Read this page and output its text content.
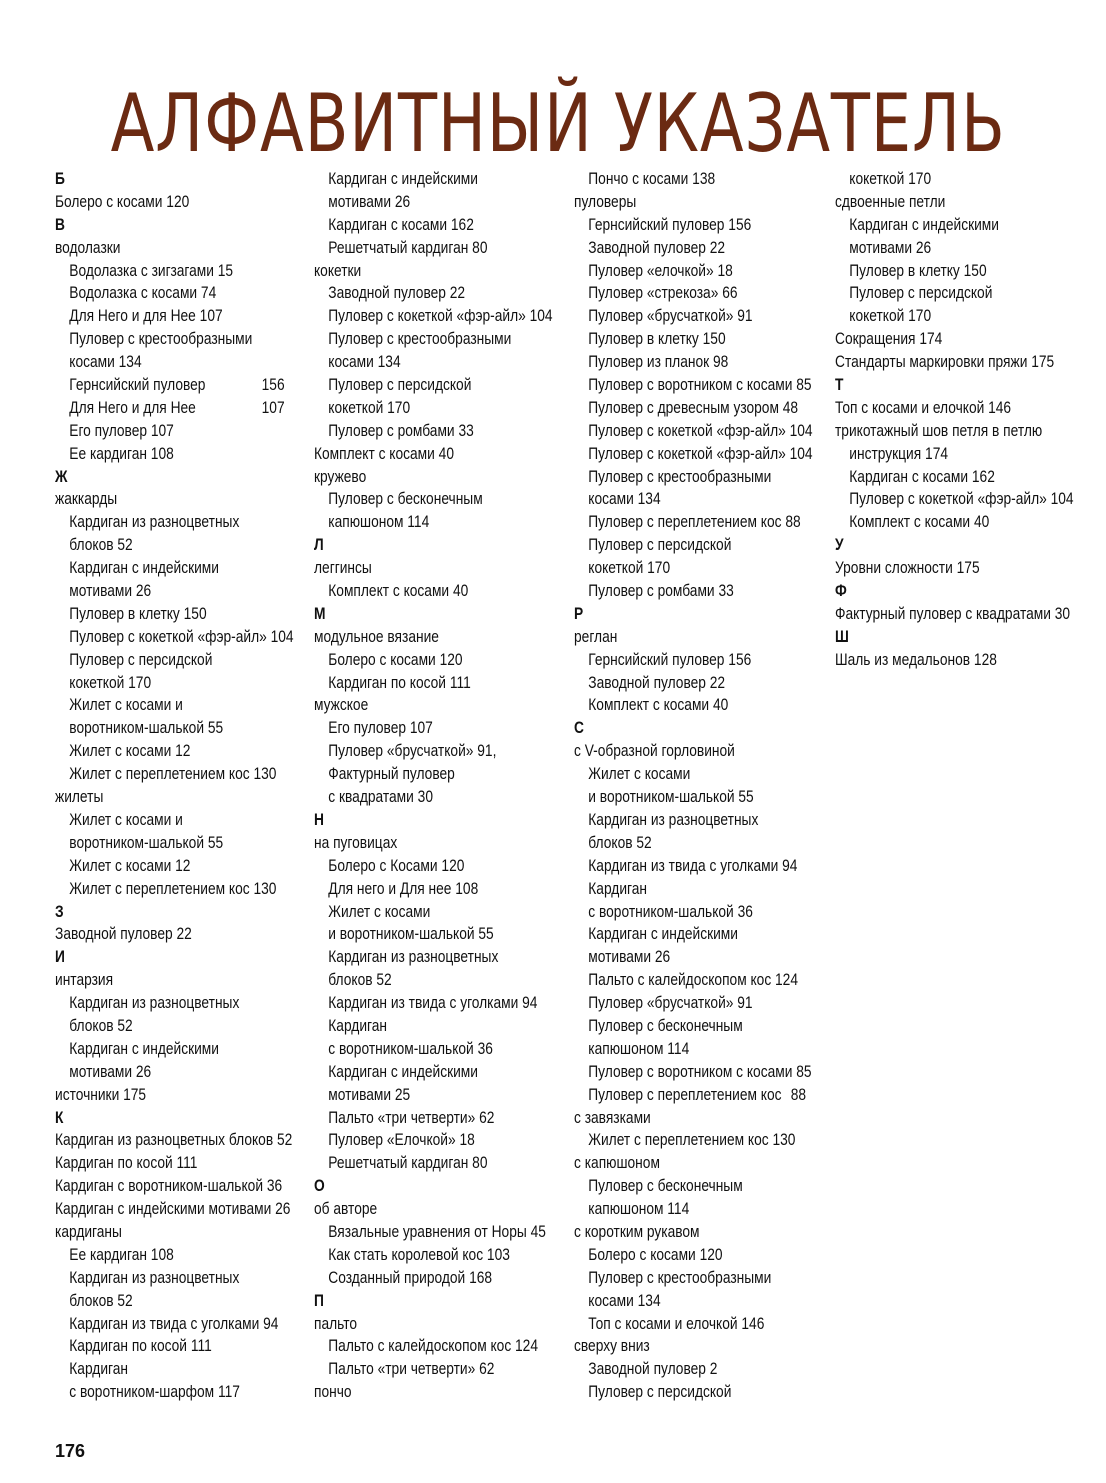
АЛФАВИТНЫЙ УКАЗАТЕЛЬ
Б
Болеро с косами 120
В
водолазки
Водолазка с зигзагами 15
Водолазка с косами 74
Для Него и для Нее 107
Пуловер с крестообразными
косами 134
Гернсийский пуловер	156
Для Него и для Нее	107
Его пуловер 107
Ее кардиган 108
Ж
жаккарды
Кардиган из разноцветных
блоков 52
Кардиган с индейскими
мотивами 26
Пуловер в клетку 150
Пуловер с кокеткой «фэр-айл» 104
Пуловер с персидской
кокеткой 170
Жилет с косами и
воротником-шалькой 55
Жилет с косами 12
Жилет с переплетением кос 130
жилеты
Жилет с косами и
воротником-шалькой 55
Жилет с косами 12
Жилет с переплетением кос 130
З
Заводной пуловер 22
И
интарзия
Кардиган из разноцветных
блоков 52
Кардиган с индейскими
мотивами 26
источники 175
К
Кардиган из разноцветных блоков 52
Кардиган по косой 111
Кардиган с воротником-шалькой 36
Кардиган с индейскими мотивами 26
кардиганы
Ее кардиган 108
Кардиган из разноцветных
блоков 52
Кардиган из твида с уголками 94
Кардиган по косой 111
Кардиган
с воротником-шарфом 117
Кардиган с индейскими
мотивами 26
Кардиган с косами 162
Решетчатый кардиган 80
кокетки
Заводной пуловер 22
Пуловер с кокеткой «фэр-айл» 104
Пуловер с крестообразными
косами 134
Пуловер с персидской
кокеткой 170
Пуловер с ромбами 33
Комплект с косами 40
кружево
Пуловер с бесконечным
капюшоном 114
Л
леггинсы
Комплект с косами 40
М
модульное вязание
Болеро с косами 120
Кардиган по косой 111
мужское
Его пуловер 107
Пуловер «брусчаткой» 91,
Фактурный пуловер
с квадратами 30
Н
на пуговицах
Болеро с Косами 120
Для него и Для нее 108
Жилет с косами
и воротником-шалькой 55
Кардиган из разноцветных
блоков 52
Кардиган из твида с уголками 94
Кардиган
с воротником-шалькой 36
Кардиган с индейскими
мотивами 25
Пальто «три четверти» 62
Пуловер «Елочкой» 18
Решетчатый кардиган 80
О
об авторе
Вязальные уравнения от Норы 45
Как стать королевой кос 103
Созданный природой 168
П
пальто
Пальто с калейдоскопом кос 124
Пальто «три четверти» 62
пончо
Пончо с косами 138
пуловеры
Гернсийский пуловер 156
Заводной пуловер 22
Пуловер «елочкой» 18
Пуловер «стрекоза» 66
Пуловер «брусчаткой» 91
Пуловер в клетку 150
Пуловер из планок 98
Пуловер с воротником с косами 85
Пуловер с древесным узором 48
Пуловер с кокеткой «фэр-айл» 104
Пуловер с кокеткой «фэр-айл» 104
Пуловер с крестообразными
косами 134
Пуловер с переплетением кос 88
Пуловер с персидской
кокеткой 170
Пуловер с ромбами 33
Р
реглан
Гернсийский пуловер 156
Заводной пуловер 22
Комплект с косами 40
С
с V-образной горловиной
Жилет с косами
и воротником-шалькой 55
Кардиган из разноцветных
блоков 52
Кардиган из твида с уголками 94
Кардиган
с воротником-шалькой 36
Кардиган с индейскими
мотивами 26
Пальто с калейдоскопом кос 124
Пуловер «брусчаткой» 91
Пуловер с бесконечным
капюшоном 114
Пуловер с воротником с косами 85
Пуловер с переплетением кос 88
с завязками
Жилет с переплетением кос 130
с капюшоном
Пуловер с бесконечным
капюшоном 114
с коротким рукавом
Болеро с косами 120
Пуловер с крестообразными
косами 134
Топ с косами и елочкой 146
сверху вниз
Заводной пуловер 2
Пуловер с персидской
кокеткой 170
сдвоенные петли
Кардиган с индейскими
мотивами 26
Пуловер в клетку 150
Пуловер с персидской
кокеткой 170
Сокращения 174
Стандарты маркировки пряжи 175
Т
Топ с косами и елочкой 146
трикотажный шов петля в петлю
инструкция 174
Кардиган с косами 162
Пуловер с кокеткой «фэр-айл» 104
Комплект с косами 40
У
Уровни сложности 175
Ф
Фактурный пуловер с квадратами 30
Ш
Шаль из медальонов 128
176
